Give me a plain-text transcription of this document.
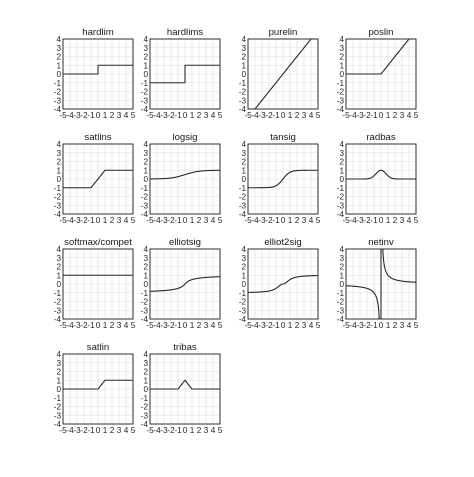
hardlim
-4
-3
-2
-1
0
1
2
3
4
-5 -4 -3 -2 -1 0 1 2 3 4 5
hardlims
-4
-3
-2
-1
0
1
2
3
4
-5 -4 -3 -2 -1 0 1 2 3 4 5
purelin
-4
-3
-2
-1
0
1
2
3
4
-5 -4 -3 -2 -1 0 1 2 3 4 5
poslin
-4
-3
-2
-1
0
1
2
3
4
-5 -4 -3 -2 -1 0 1 2 3 4 5
satlins
-4
-3
-2
-1
0
1
2
3
4
-5 -4 -3 -2 -1 0 1 2 3 4 5
logsig
-4
-3
-2
-1
0
1
2
3
4
-5 -4 -3 -2 -1 0 1 2 3 4 5
tansig
-4
-3
-2
-1
0
1
2
3
4
-5 -4 -3 -2 -1 0 1 2 3 4 5
radbas
-4
-3
-2
-1
0
1
2
3
4
-5 -4 -3 -2 -1 0 1 2 3 4 5
softmax/compet
-4
-3
-2
-1
0
1
2
3
4
-5 -4 -3 -2 -1 0 1 2 3 4 5
elliotsig
-4
-3
-2
-1
0
1
2
3
4
-5 -4 -3 -2 -1 0 1 2 3 4 5
elliot2sig
-4
-3
-2
-1
0
1
2
3
4
-5 -4 -3 -2 -1 0 1 2 3 4 5
netinv
-4
-3
-2
-1
0
1
2
3
4
-5 -4 -3 -2 -1 0 1 2 3 4 5
satlin
-4
-3
-2
-1
0
1
2
3
4
-5 -4 -3 -2 -1 0 1 2 3 4 5
tribas
-4
-3
-2
-1
0
1
2
3
4
-5 -4 -3 -2 -1 0 1 2 3 4 5
